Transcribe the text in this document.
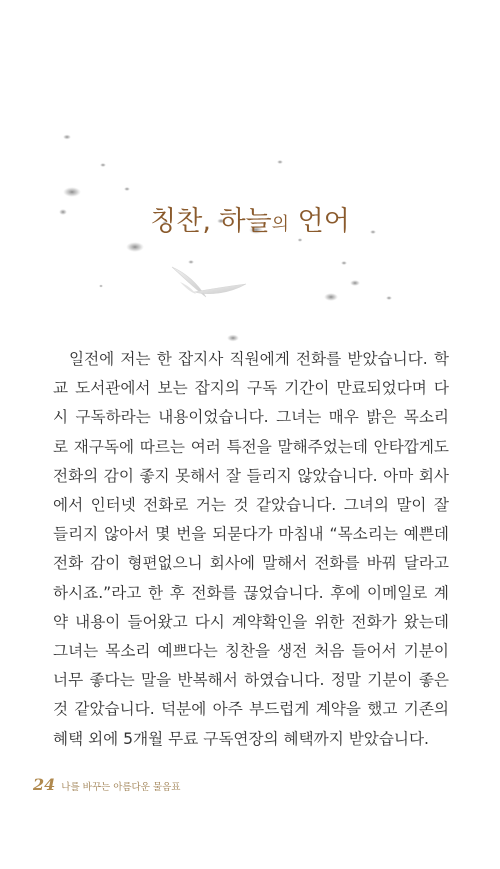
칭찬, 하늘의 언어

일전에 저는 한 잡지사 직원에게 전화를 받았습니다. 학교 도서관에서 보는 잡지의 구독 기간이 만료되었다며 다시 구독하라는 내용이었습니다. 그녀는 매우 밝은 목소리로 재구독에 따르는 여러 특전을 말해주었는데 안타깝게도 전화의 감이 좋지 못해서 잘 들리지 않았습니다. 아마 회사에서 인터넷 전화로 거는 것 같았습니다. 그녀의 말이 잘 들리지 않아서 몇 번을 되묻다가 마침내 “목소리는 예쁜데 전화 감이 형편없으니 회사에 말해서 전화를 바꿔 달라고 하시죠.”라고 한 후 전화를 끊었습니다. 후에 이메일로 계약 내용이 들어왔고 다시 계약확인을 위한 전화가 왔는데 그녀는 목소리 예쁘다는 칭찬을 생전 처음 들어서 기분이 너무 좋다는 말을 반복해서 하였습니다. 정말 기분이 좋은 것 같았습니다. 덕분에 아주 부드럽게 계약을 했고 기존의 혜택 외에 5개월 무료 구독연장의 혜택까지 받았습니다.

24 나를 바꾸는 아름다운 물음표
